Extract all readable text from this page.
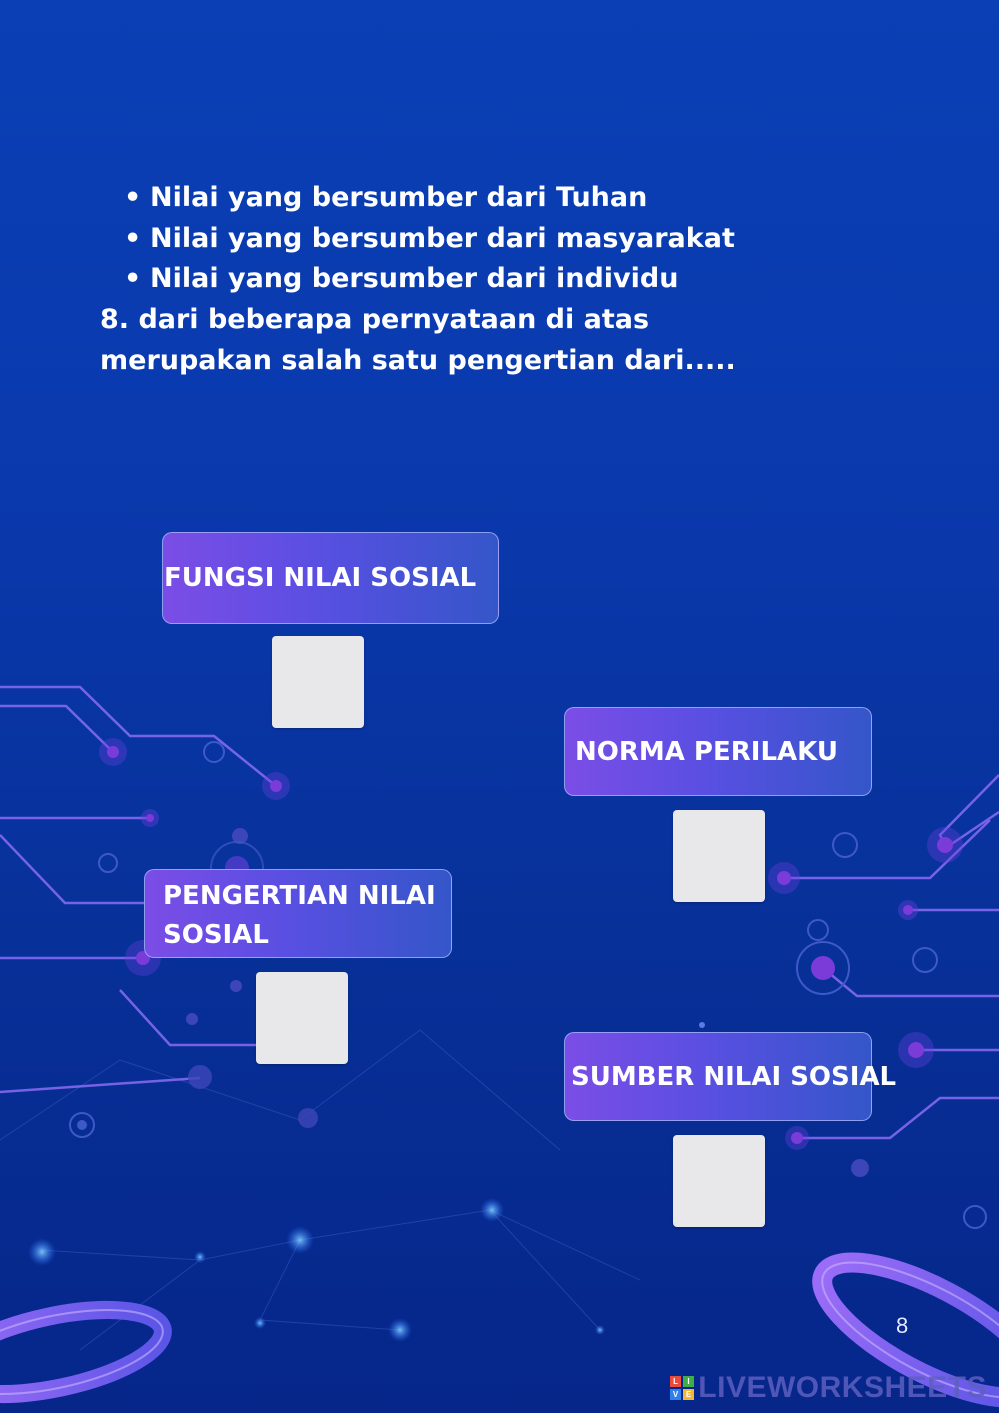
• Nilai yang bersumber dari Tuhan
• Nilai yang bersumber dari masyarakat
• Nilai yang bersumber dari individu
8. dari beberapa pernyataan di atas
merupakan salah satu pengertian dari.....
FUNGSI NILAI SOSIAL
NORMA PERILAKU
PENGERTIAN NILAI SOSIAL
SUMBER NILAI SOSIAL
8
L	I
V E LIVEWORKSHEETS
